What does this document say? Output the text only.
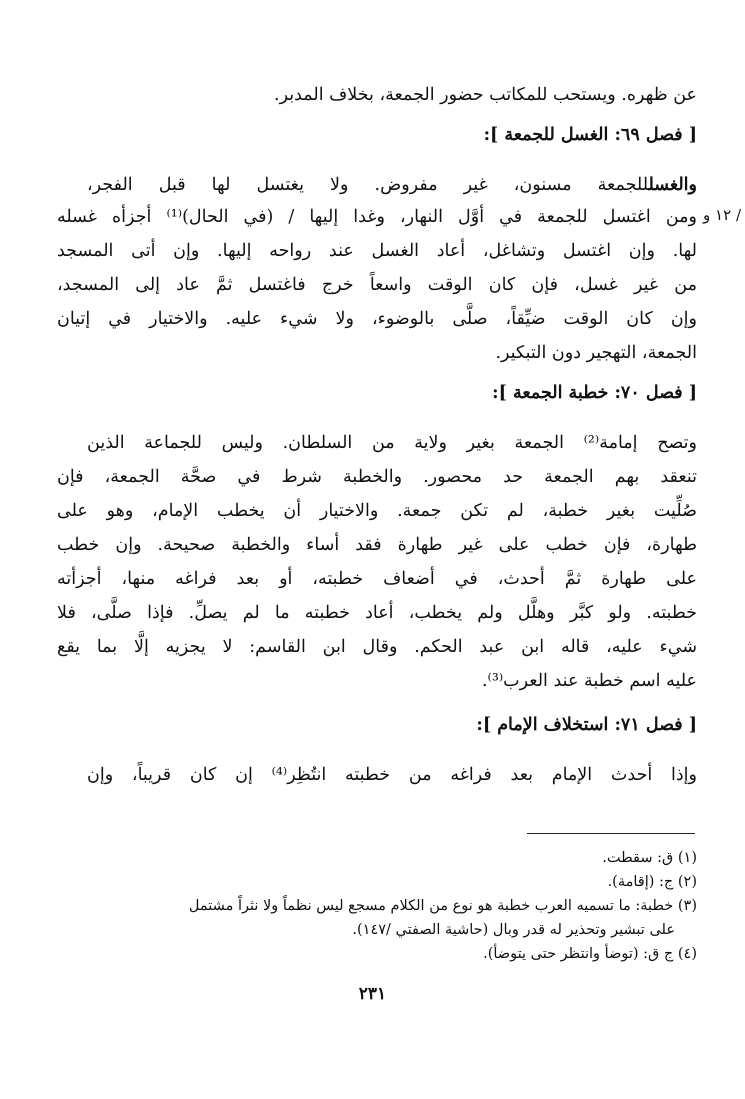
عن ظهره. ويستحب للمكاتب حضور الجمعة، بخلاف المدبر.
[ فصل ٦٩: الغسل للجمعة ]:
والغسلللجمعة مسنون، غير مفروض. ولا يغتسل لها قبل الفجر،
ومن اغتسل للجمعة في أوَّل النهار، وغدا إليها / (في الحال)⁽¹⁾ أجزأه غسله / ١٢ و
لها. وإن اغتسل وتشاغل، أعاد الغسل عند رواحه إليها. وإن أتى المسجد
من غير غسل، فإن كان الوقت واسعاً خرج فاغتسل ثمَّ عاد إلى المسجد،
وإن كان الوقت ضيِّقاً، صلَّى بالوضوء، ولا شيء عليه. والاختيار في إتيان
الجمعة، التهجير دون التبكير.
[ فصل ٧٠: خطبة الجمعة ]:
وتصح إمامة⁽²⁾ الجمعة بغير ولاية من السلطان. وليس للجماعة الذين
تنعقد بهم الجمعة حد محصور. والخطبة شرط في صحَّة الجمعة، فإن
صُلِّيت بغير خطبة، لم تكن جمعة. والاختيار أن يخطب الإمام، وهو على
طهارة، فإن خطب على غير طهارة فقد أساء والخطبة صحيحة. وإن خطب
على طهارة ثمَّ أحدث، في أضعاف خطبته، أو بعد فراغه منها، أجزأته
خطبته. ولو كبَّر وهلَّل ولم يخطب، أعاد خطبته ما لم يصلِّ. فإذا صلَّى، فلا
شيء عليه، قاله ابن عبد الحكم. وقال ابن القاسم: لا يجزيه إلَّا بما يقع
عليه اسم خطبة عند العرب⁽³⁾.
[ فصل ٧١: استخلاف الإمام ]:
وإذا أحدث الإمام بعد فراغه من خطبته انتُظِر⁽⁴⁾ إن كان قريباً، وإن
(١) ق: سقطت.
(٢) ج: (إقامة).
(٣) خطبة: ما تسميه العرب خطبة هو نوع من الكلام مسجع ليس نظماً ولا نثراً مشتمل
على تبشير وتحذير له قدر وبال (حاشية الصفتي /١٤٧).
(٤) ج ق: (توضأ وانتظر حتى يتوضأ).
٢٣١
